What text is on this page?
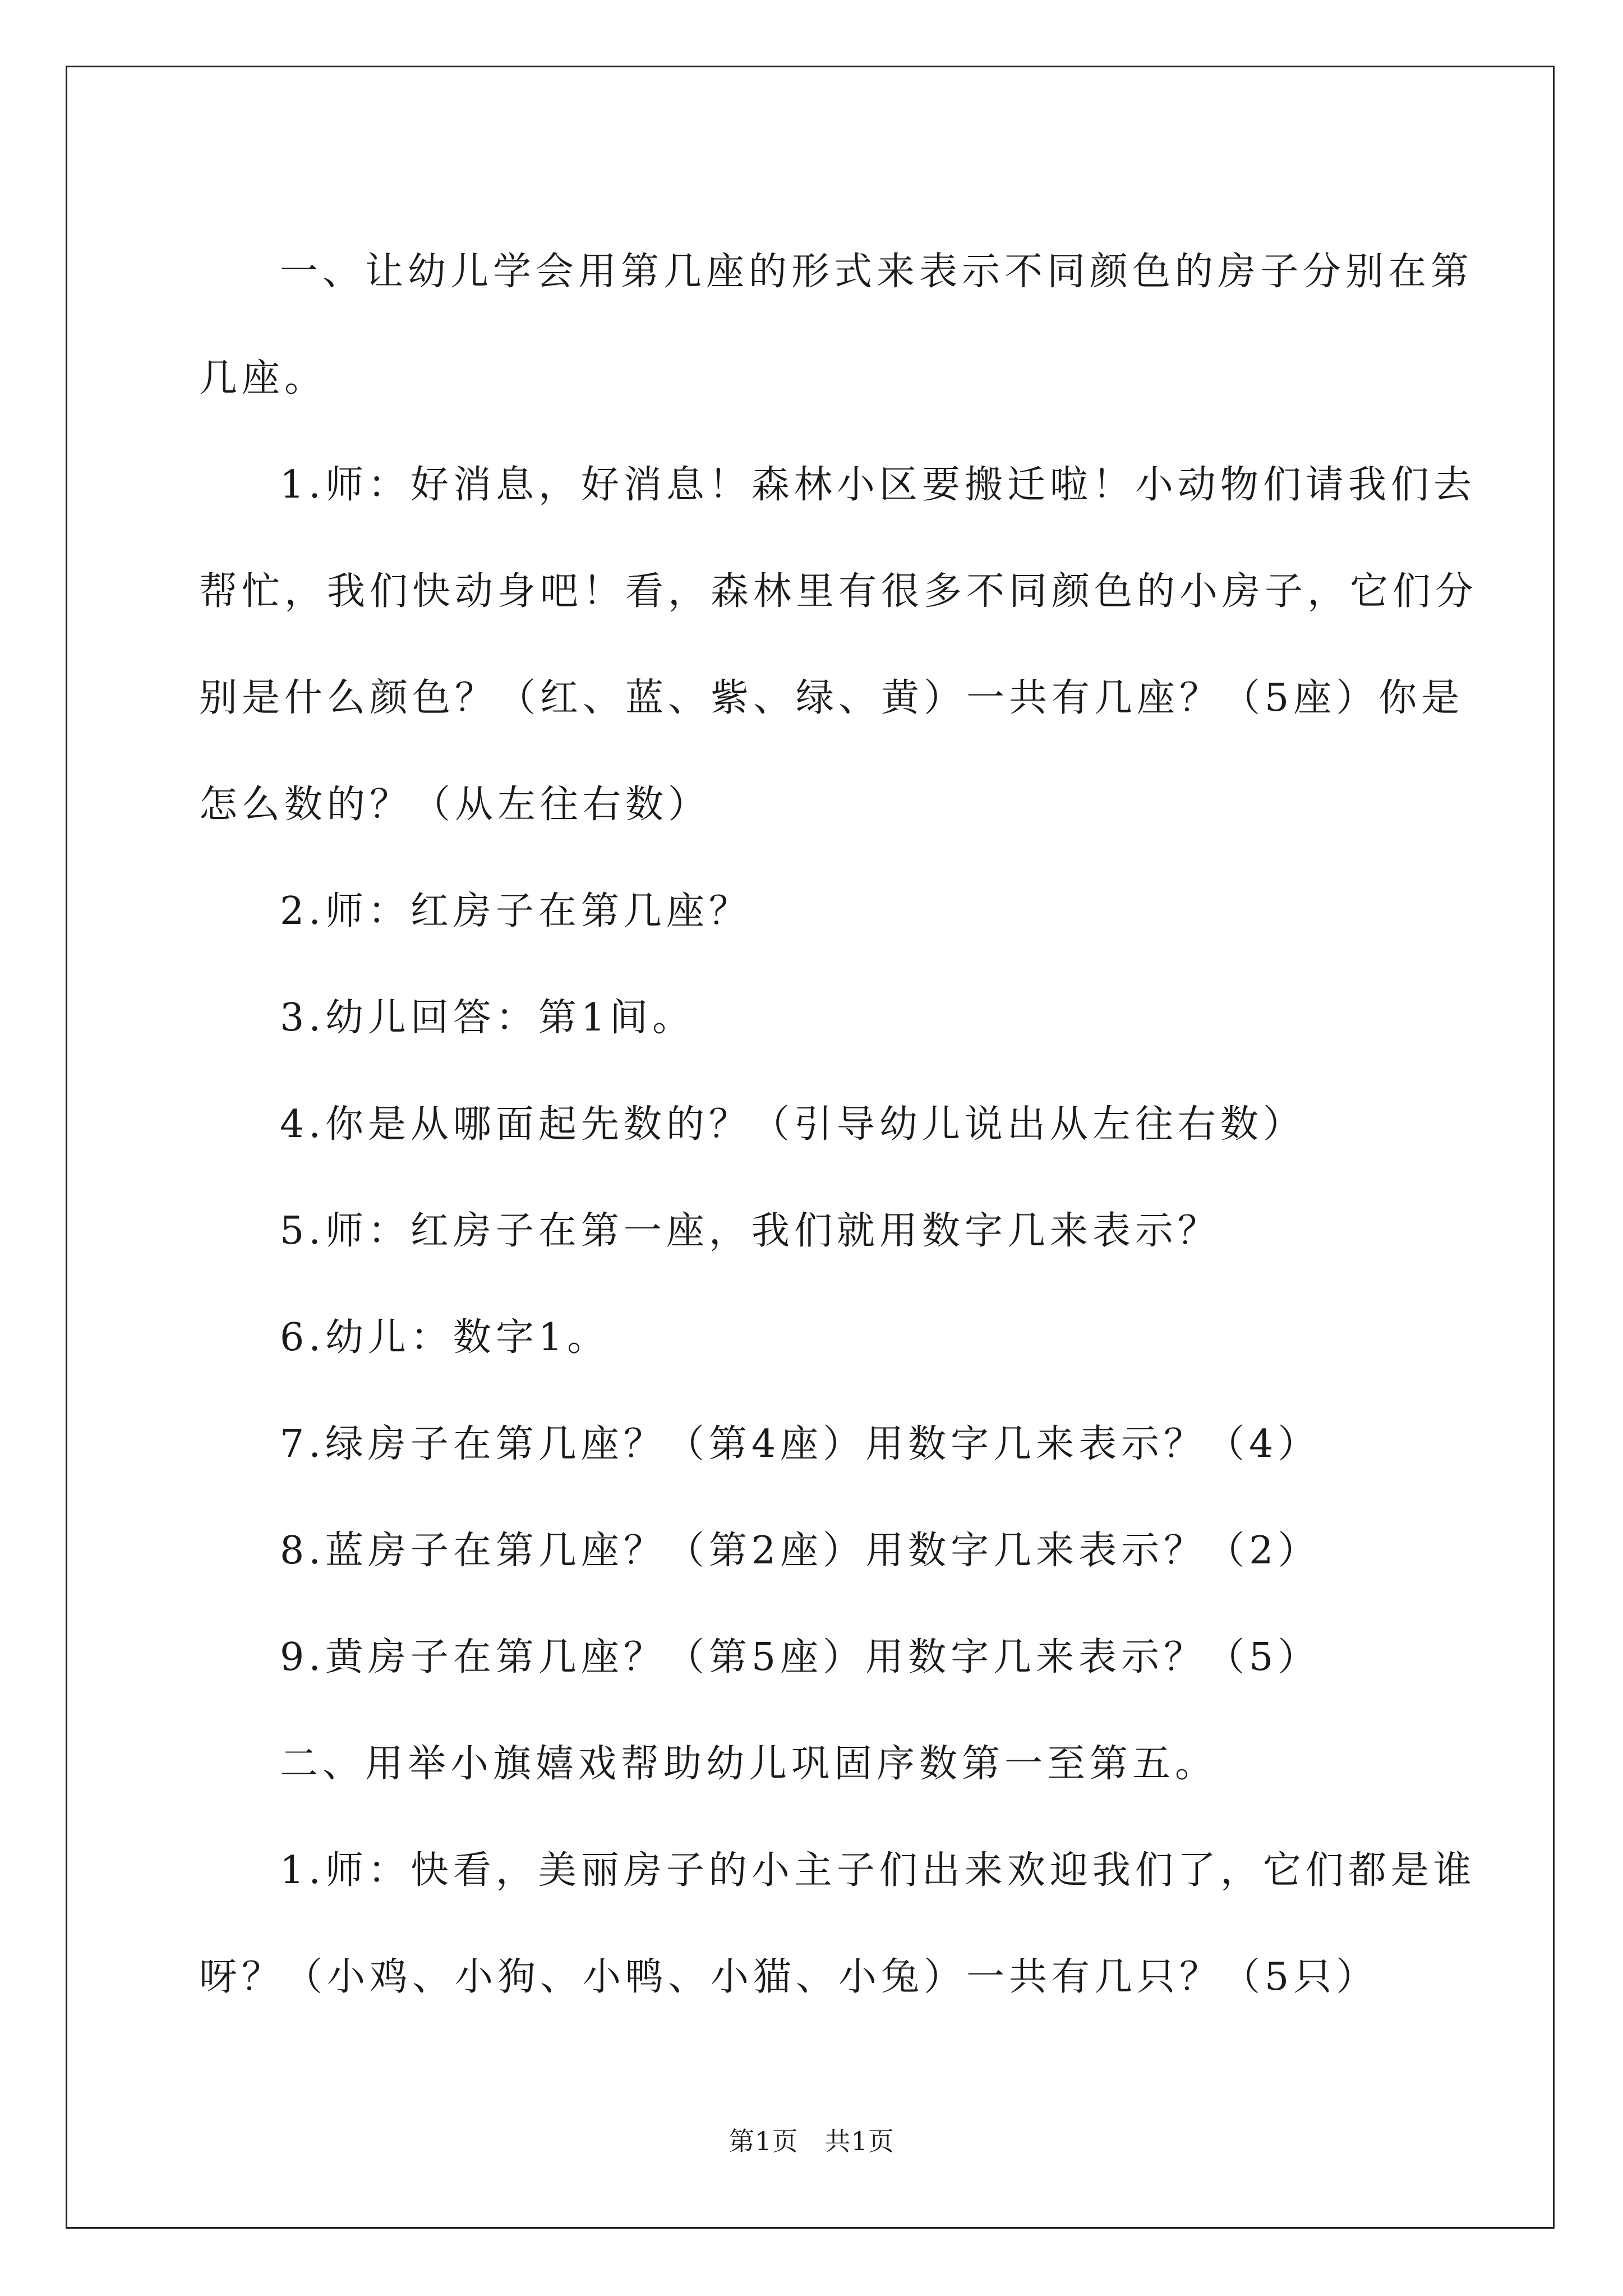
一、让幼儿学会用第几座的形式来表示不同颜色的房子分别在第

几座。

1.师：好消息，好消息！森林小区要搬迁啦！小动物们请我们去

帮忙，我们快动身吧！看，森林里有很多不同颜色的小房子，它们分

别是什么颜色？（红、蓝、紫、绿、黄）一共有几座？（5座）你是

怎么数的？（从左往右数）

2.师：红房子在第几座？

3.幼儿回答：第1间。

4.你是从哪面起先数的？（引导幼儿说出从左往右数）

5.师：红房子在第一座，我们就用数字几来表示？

6.幼儿：数字1。

7.绿房子在第几座？（第4座）用数字几来表示？（4）

8.蓝房子在第几座？（第2座）用数字几来表示？（2）

9.黄房子在第几座？（第5座）用数字几来表示？（5）

二、用举小旗嬉戏帮助幼儿巩固序数第一至第五。

1.师：快看，美丽房子的小主子们出来欢迎我们了，它们都是谁

呀？（小鸡、小狗、小鸭、小猫、小兔）一共有几只？（5只）

第1页 共1页
